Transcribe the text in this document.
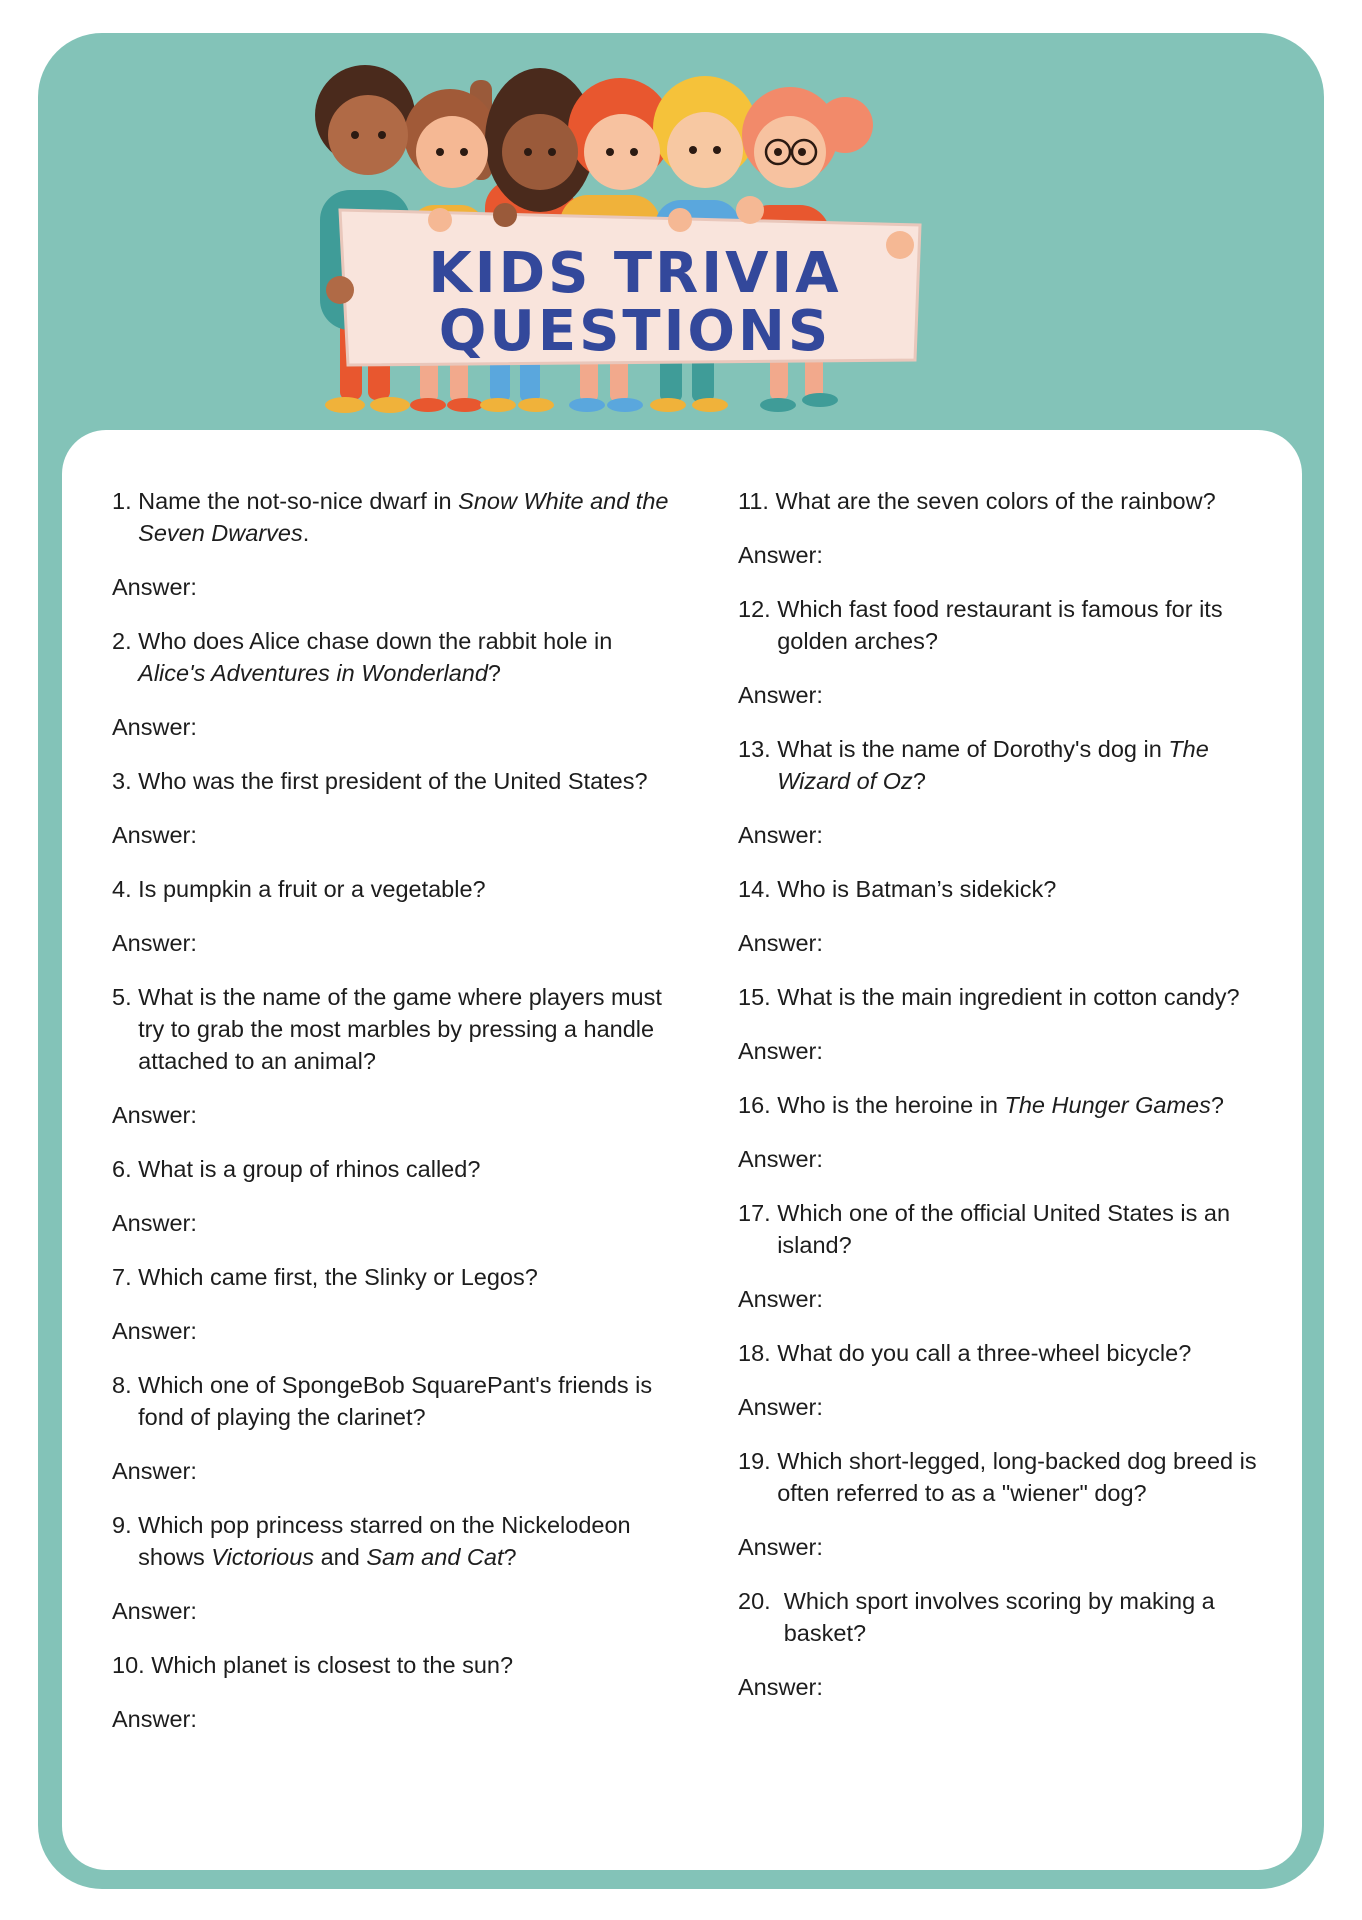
KIDS TRIVIA
QUESTIONS

1. Name the not-so-nice dwarf in Snow White and the Seven Dwarves.

Answer:

2. Who does Alice chase down the rabbit hole in Alice's Adventures in Wonderland?

Answer:

3. Who was the first president of the United States?

Answer:

4. Is pumpkin a fruit or a vegetable?

Answer:

5. What is the name of the game where players must try to grab the most marbles by pressing a handle attached to an animal?

Answer:

6. What is a group of rhinos called?

Answer:

7. Which came first, the Slinky or Legos?

Answer:

8. Which one of SpongeBob SquarePant's friends is fond of playing the clarinet?

Answer:

9. Which pop princess starred on the Nickelodeon shows Victorious and Sam and Cat?

Answer:

10. Which planet is closest to the sun?

Answer:

11. What are the seven colors of the rainbow?

Answer:

12. Which fast food restaurant is famous for its golden arches?

Answer:

13. What is the name of Dorothy's dog in The Wizard of Oz?

Answer:

14. Who is Batman’s sidekick?

Answer:

15. What is the main ingredient in cotton candy?

Answer:

16. Who is the heroine in The Hunger Games?

Answer:

17. Which one of the official United States is an island?

Answer:

18. What do you call a three-wheel bicycle?

Answer:

19. Which short-legged, long-backed dog breed is often referred to as a "wiener" dog?

Answer:

20. Which sport involves scoring by making a basket?

Answer:
